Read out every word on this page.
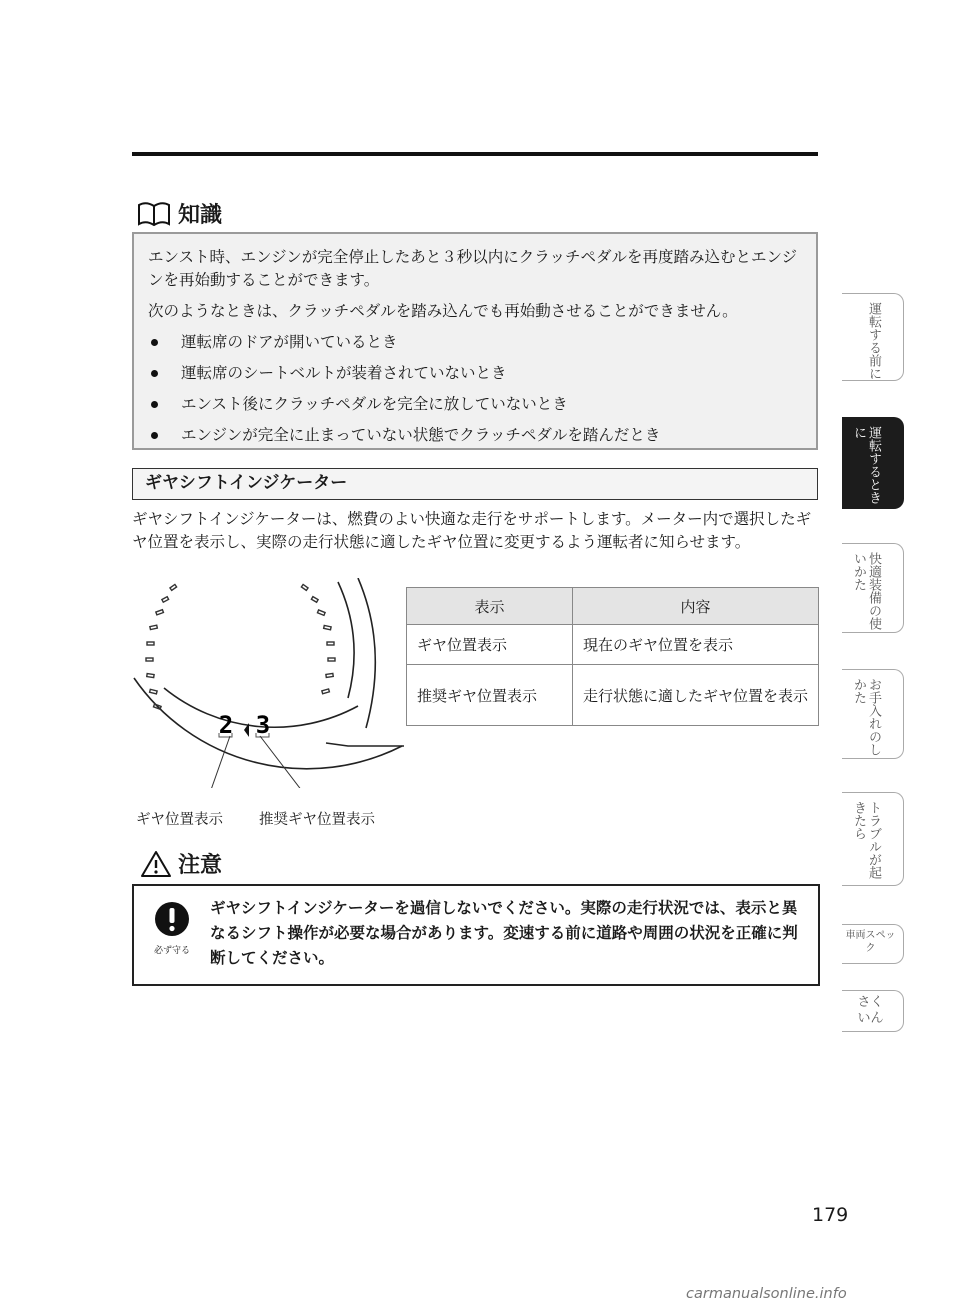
知識

エンスト時、エンジンが完全停止したあと３秒以内にクラッチペダルを再度踏み込むとエンジンを再始動することができます。

次のようなときは、クラッチペダルを踏み込んでも再始動させることができません。

運転席のドアが開いているとき
運転席のシートベルトが装着されていないとき
エンスト後にクラッチペダルを完全に放していないとき
エンジンが完全に止まっていない状態でクラッチペダルを踏んだとき
ギヤシフトインジケーター
ギヤシフトインジケーターは、燃費のよい快適な走行をサポートします。メーター内で選択したギヤ位置を表示し、実際の走行状態に適したギヤ位置に変更するよう運転者に知らせます。
2 3
ギヤ位置表示 推奨ギヤ位置表示
表示	内容
ギヤ位置表示	現在のギヤ位置を表示
推奨ギヤ位置表示	走行状態に適したギヤ位置を表示
注意
必ず守る
ギヤシフトインジケーターを過信しないでください。実際の走行状況では、表示と異なるシフト操作が必要な場合があります。変速する前に道路や周囲の状況を正確に判断してください。
運転する前に
運転するときに
快適装備の使いかた
お手入れのしかた
トラブルが起きたら
車両スペック
さくいん
179
carmanualsonline.info
